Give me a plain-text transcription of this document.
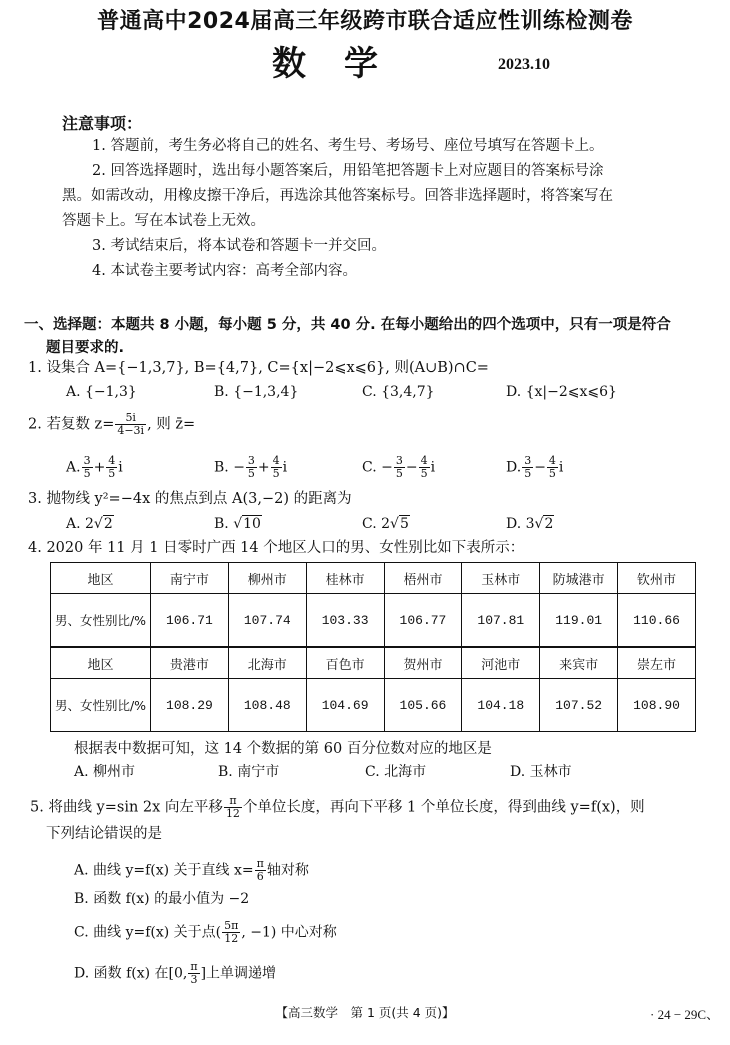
普通高中2024届高三年级跨市联合适应性训练检测卷
数学	2023.10
注意事项：
1. 答题前，考生务必将自己的姓名、考生号、考场号、座位号填写在答题卡上。
2. 回答选择题时，选出每小题答案后，用铅笔把答题卡上对应题目的答案标号涂
黑。如需改动，用橡皮擦干净后，再选涂其他答案标号。回答非选择题时，将答案写在
答题卡上。写在本试卷上无效。
3. 考试结束后，将本试卷和答题卡一并交回。
4. 本试卷主要考试内容：高考全部内容。
一、选择题：本题共 8 小题，每小题 5 分，共 40 分. 在每小题给出的四个选项中，只有一项是符合
题目要求的.
1. 设集合 A={−1,3,7}, B={4,7}, C={x|−2⩽x⩽6}, 则(A∪B)∩C=
A. {−1,3}	B. {−1,3,4}	C. {3,4,7}	D. {x|−2⩽x⩽6}
2. 若复数 $z= \frac{5i}{4-3i}$ , 则 z̄=
A. $\frac{3}{5} + \frac{4}{5}$ i	B. − $\frac{3}{5} + \frac{4}{5}$ i	C. − $\frac{3}{5} - \frac{4}{5}$ i	D. $\frac{3}{5} - \frac{4}{5}$ i
3. 抛物线 y²=−4x 的焦点到点 A(3,−2) 的距离为
A. 2√2	B. √10	C. 2√5	D. 3√2
4. 2020 年 11 月 1 日零时广西 14 个地区人口的男、女性别比如下表所示：
地区	南宁市	柳州市	桂林市	梧州市	玉林市	防城港市	钦州市
男、女性别比/%	106.71	107.74	103.33	106.77	107.81	119.01	110.66
地区	贵港市	北海市	百色市	贺州市	河池市	来宾市	崇左市
男、女性别比/%	108.29	108.48	104.69	105.66	104.18	107.52	108.90
根据表中数据可知，这 14 个数据的第 60 百分位数对应的地区是
A. 柳州市	B. 南宁市	C. 北海市	D. 玉林市
5. 将曲线 y=sin 2x 向左平移 $\frac{\pi}{12}$ 个单位长度，再向下平移 1 个单位长度，得到曲线 y=f(x)，则
下列结论错误的是
A. 曲线 y=f(x) 关于直线 $x= \frac{\pi}{6}$ 轴对称
B. 函数 f(x) 的最小值为 −2
C. 曲线 y=f(x) 关于点( $\frac{5\pi}{12}$ , −1) 中心对称
D. 函数 f(x) 在[0, $\frac{\pi}{3}$ ]上单调递增
【高三数学　第 1 页(共 4 页)】	· 24 − 29C、
